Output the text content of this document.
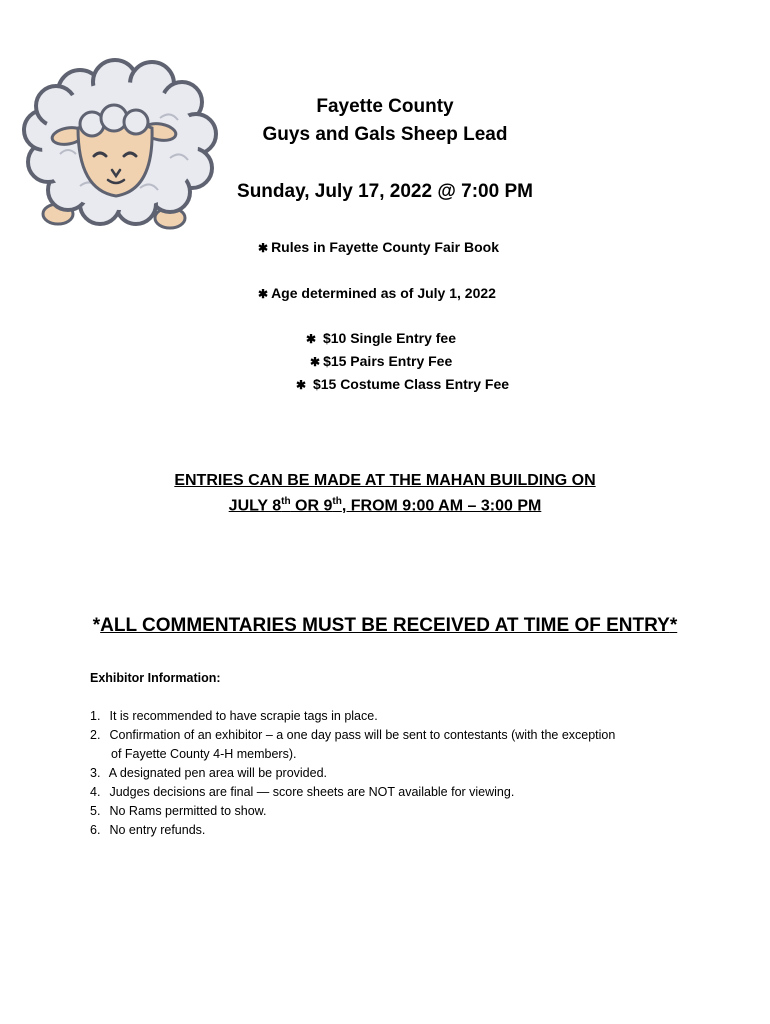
Fayette County
Guys and Gals Sheep Lead
Sunday, July 17, 2022 @ 7:00 PM
✱ Rules in Fayette County Fair Book
✱ Age determined as of July 1, 2022
✱ $10 Single Entry fee
✱ $15 Pairs Entry Fee
✱ $15 Costume Class Entry Fee
ENTRIES CAN BE MADE AT THE MAHAN BUILDING ON
JULY 8th OR 9th, FROM 9:00 AM – 3:00 PM
*ALL COMMENTARIES MUST BE RECEIVED AT TIME OF ENTRY*
Exhibitor Information:
1. It is recommended to have scrapie tags in place.
2. Confirmation of an exhibitor – a one day pass will be sent to contestants (with the exception
of Fayette County 4-H members).
3. A designated pen area will be provided.
4. Judges decisions are final — score sheets are NOT available for viewing.
5. No Rams permitted to show.
6. No entry refunds.
